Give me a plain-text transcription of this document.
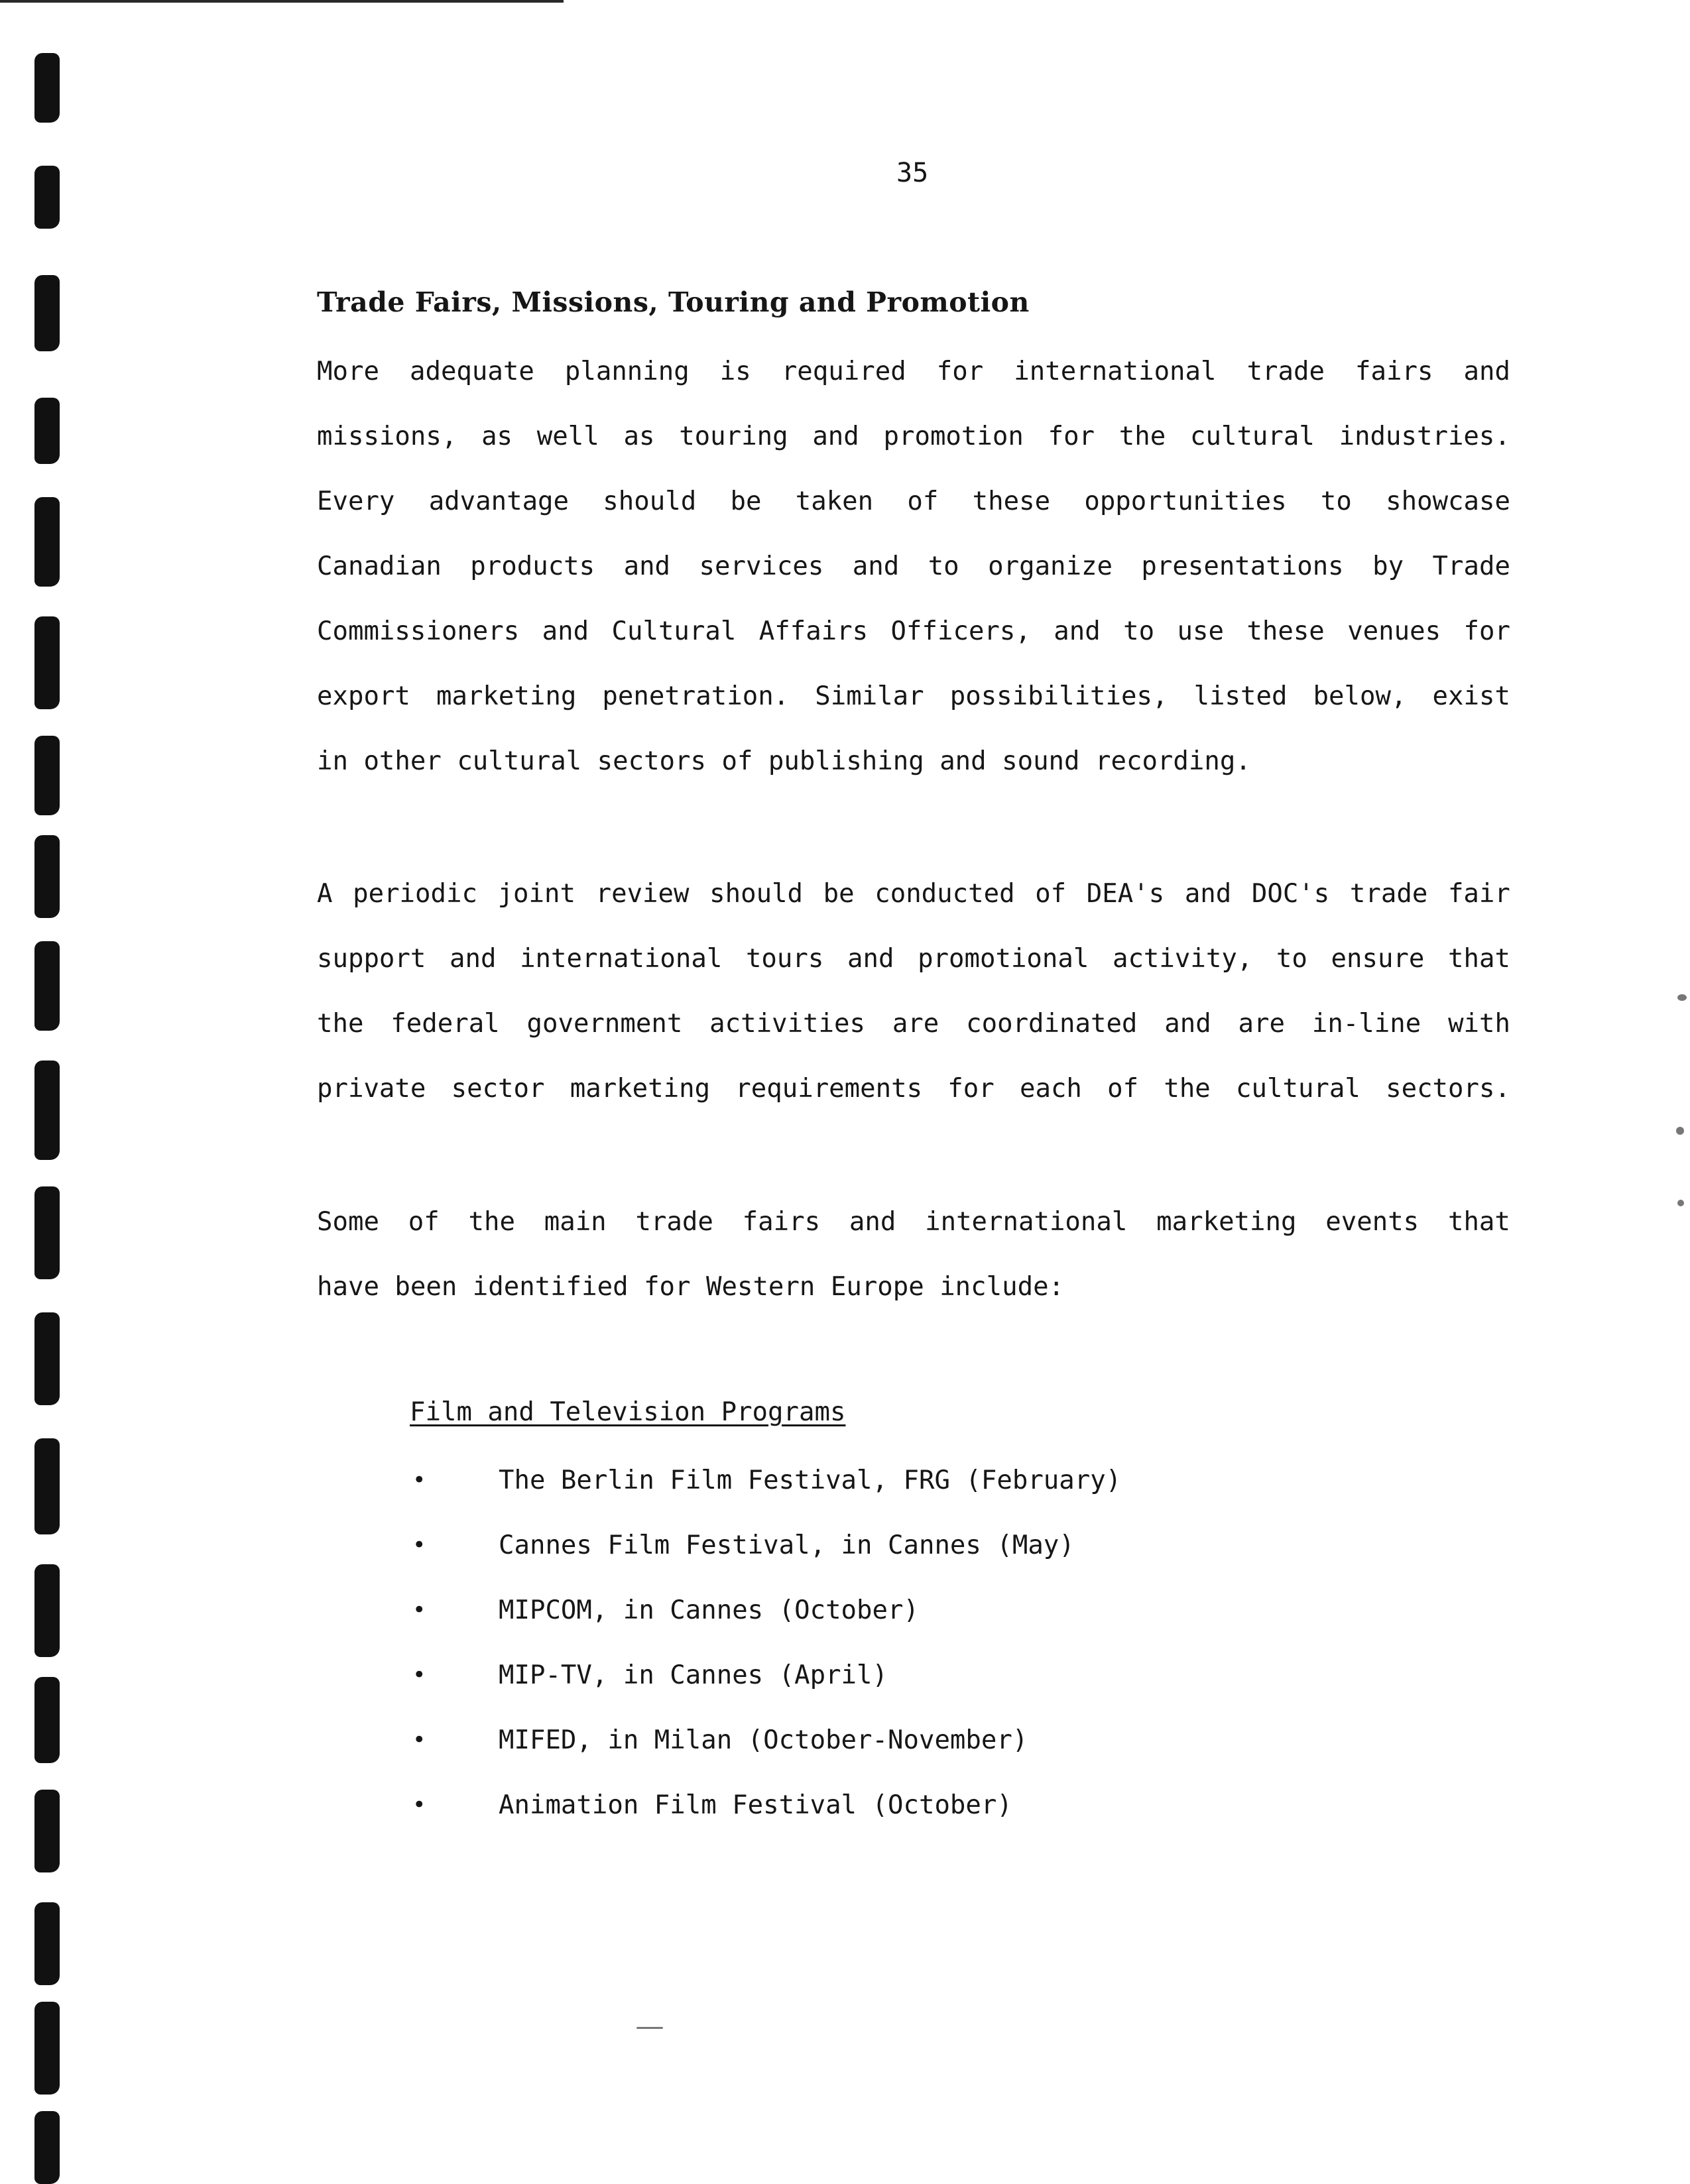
35
Trade Fairs, Missions, Touring and Promotion
More adequate planning is required for international trade fairs and
missions, as well as touring and promotion for the cultural industries.
Every advantage should be taken of these opportunities to showcase
Canadian products and services and to organize presentations by Trade
Commissioners and Cultural Affairs Officers, and to use these venues for
export marketing penetration. Similar possibilities, listed below, exist
in other cultural sectors of publishing and sound recording.
A periodic joint review should be conducted of DEA's and DOC's trade fair
support and international tours and promotional activity, to ensure that
the federal government activities are coordinated and are in-line with
private sector marketing requirements for each of the cultural sectors.
Some of the main trade fairs and international marketing events that
have been identified for Western Europe include:
Film and Television Programs
•	The Berlin Film Festival, FRG (February)
•	Cannes Film Festival, in Cannes (May)
•	MIPCOM, in Cannes (October)
•	MIP-TV, in Cannes (April)
•	MIFED, in Milan (October-November)
•	Animation Film Festival (October)
